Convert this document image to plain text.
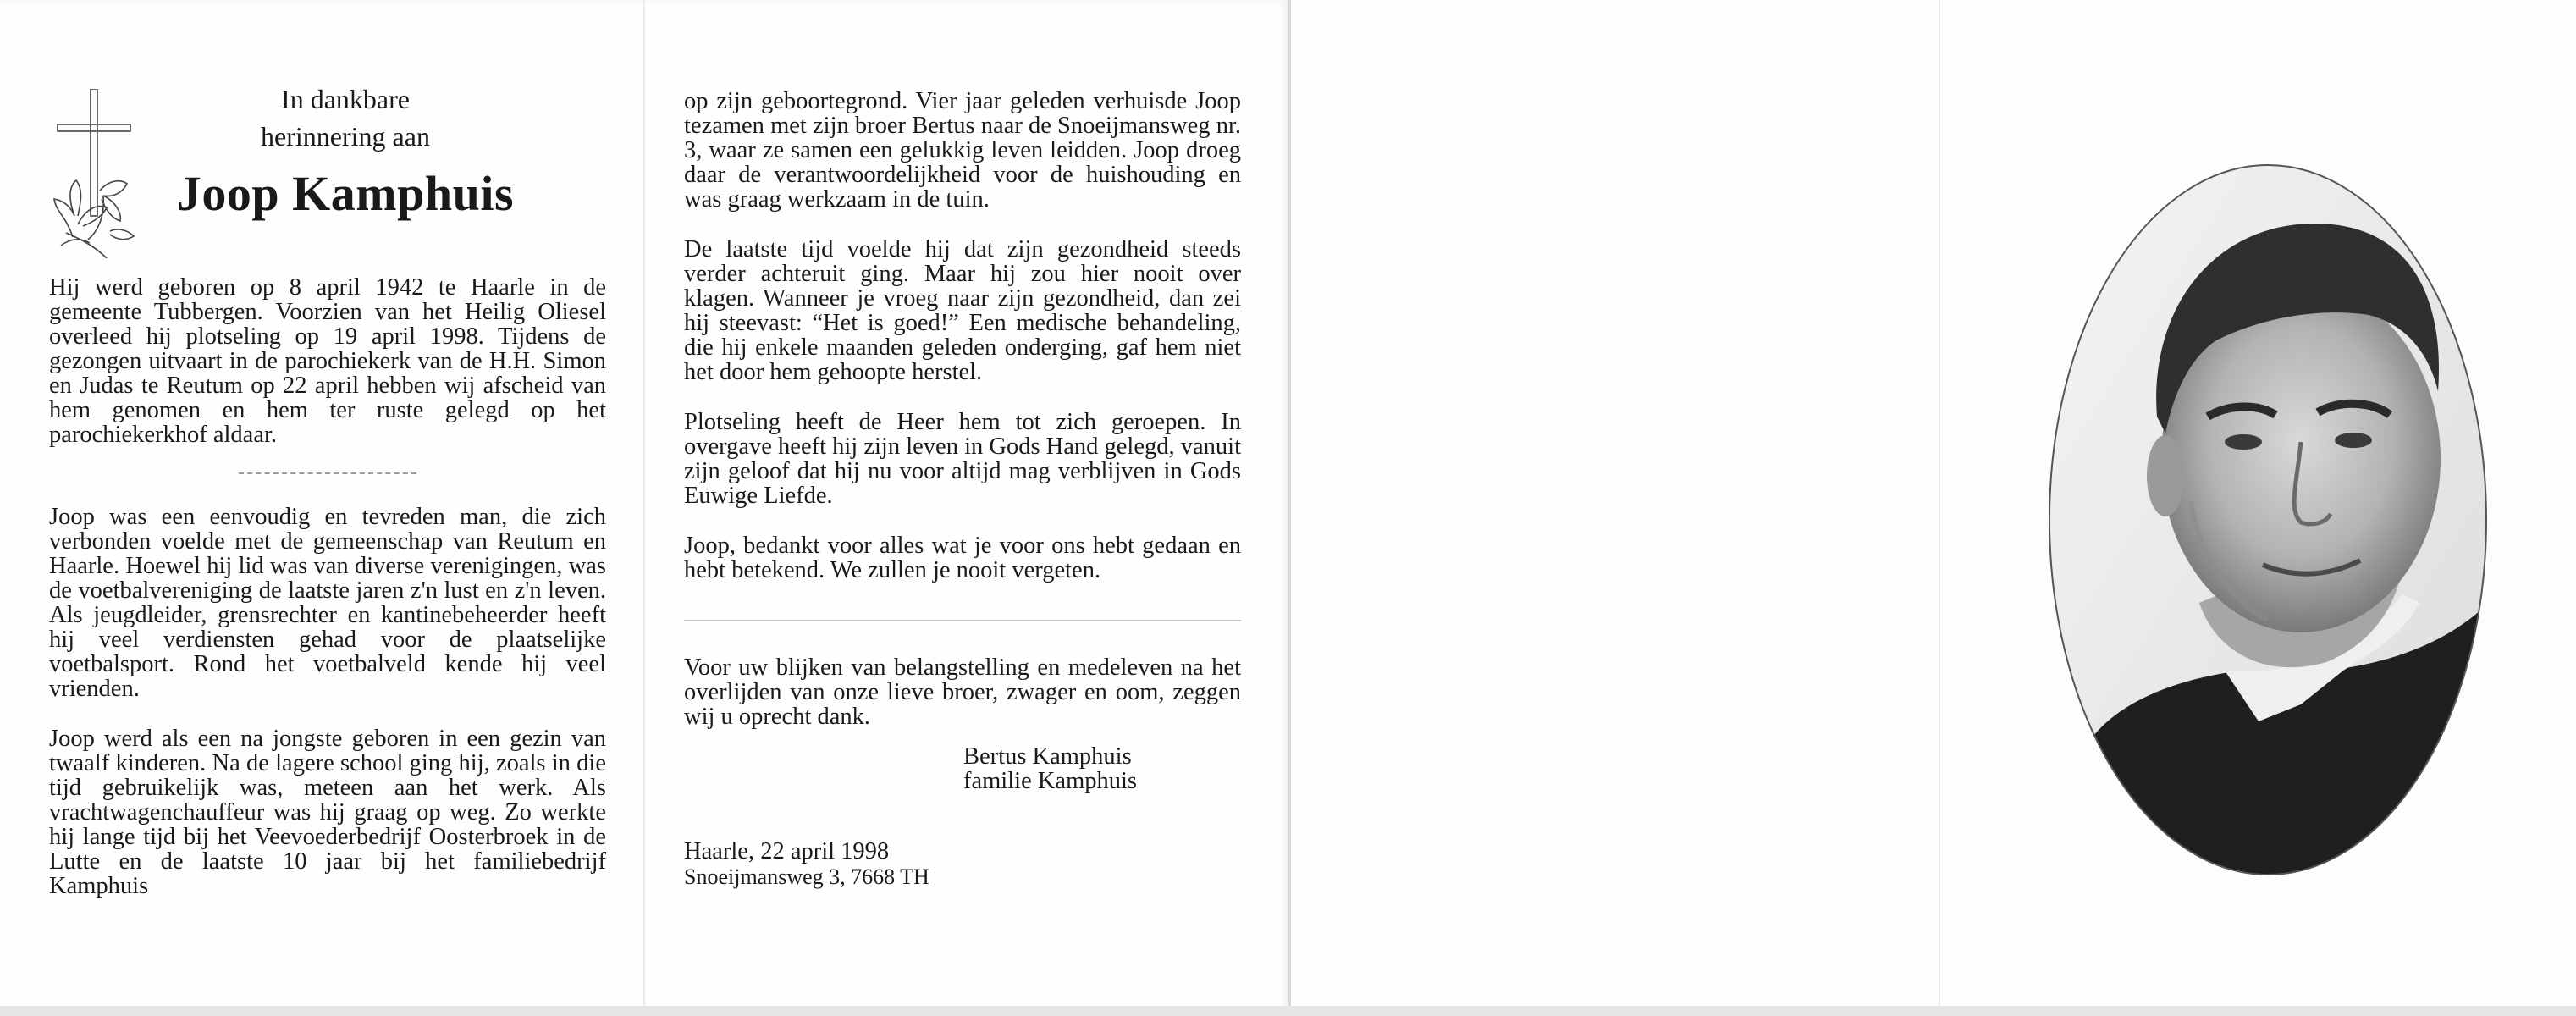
In dankbare
herinnering aan
Joop Kamphuis

Hij werd geboren op 8 april 1942 te Haarle in de gemeente Tubbergen. Voorzien van het Heilig Oliesel overleed hij plotseling op 19 april 1998. Tijdens de gezongen uitvaart in de parochiekerk van de H.H. Simon en Judas te Reutum op 22 april hebben wij afscheid van hem genomen en hem ter ruste gelegd op het parochiekerkhof aldaar.

Joop was een eenvoudig en tevreden man, die zich verbonden voelde met de gemeenschap van Reutum en Haarle. Hoewel hij lid was van diverse verenigingen, was de voetbalvereniging de laatste jaren z'n lust en z'n leven. Als jeugdleider, grensrechter en kantinebeheerder heeft hij veel verdiensten gehad voor de plaatselijke voetbalsport. Rond het voetbalveld kende hij veel vrienden.

Joop werd als een na jongste geboren in een gezin van twaalf kinderen. Na de lagere school ging hij, zoals in die tijd gebruikelijk was, meteen aan het werk. Als vrachtwagenchauffeur was hij graag op weg. Zo werkte hij lange tijd bij het Veevoederbedrijf Oosterbroek in de Lutte en de laatste 10 jaar bij het familiebedrijf Kamphuis

op zijn geboortegrond. Vier jaar geleden verhuisde Joop tezamen met zijn broer Bertus naar de Snoeijmansweg nr. 3, waar ze samen een gelukkig leven leidden. Joop droeg daar de verantwoordelijkheid voor de huishouding en was graag werkzaam in de tuin.

De laatste tijd voelde hij dat zijn gezondheid steeds verder achteruit ging. Maar hij zou hier nooit over klagen. Wanneer je vroeg naar zijn gezondheid, dan zei hij steevast: “Het is goed!” Een medische behandeling, die hij enkele maanden geleden onderging, gaf hem niet het door hem gehoopte herstel.

Plotseling heeft de Heer hem tot zich geroepen. In overgave heeft hij zijn leven in Gods Hand gelegd, vanuit zijn geloof dat hij nu voor altijd mag verblijven in Gods Euwige Liefde.

Joop, bedankt voor alles wat je voor ons hebt gedaan en hebt betekend. We zullen je nooit vergeten.

Voor uw blijken van belangstelling en medeleven na het overlijden van onze lieve broer, zwager en oom, zeggen wij u oprecht dank.

Bertus Kamphuis
familie Kamphuis
Haarle, 22 april 1998
Snoeijmansweg 3, 7668 TH
